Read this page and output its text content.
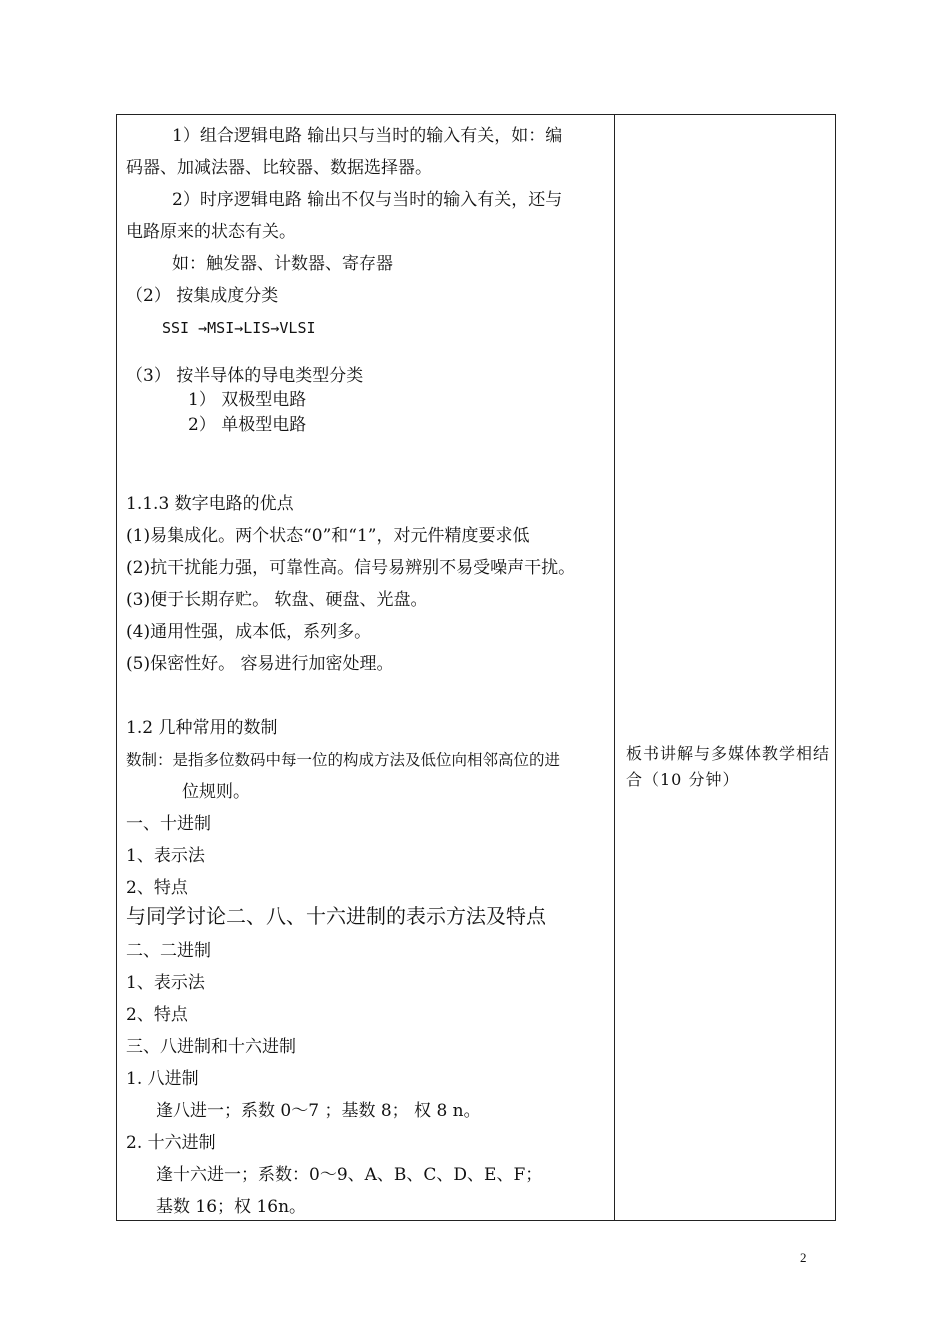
1）组合逻辑电路 输出只与当时的输入有关，如：编
码器、加减法器、比较器、数据选择器。
2）时序逻辑电路 输出不仅与当时的输入有关，还与
电路原来的状态有关。
如：触发器、计数器、寄存器
（2） 按集成度分类
SSI →MSI→LIS→VLSI
（3） 按半导体的导电类型分类
1） 双极型电路
2） 单极型电路
1.1.3 数字电路的优点
(1)易集成化。两个状态“0”和“1”，对元件精度要求低
(2)抗干扰能力强，可靠性高。信号易辨别不易受噪声干扰。
(3)便于长期存贮。 软盘、硬盘、光盘。
(4)通用性强，成本低，系列多。
(5)保密性好。 容易进行加密处理。
1.2 几种常用的数制
数制：是指多位数码中每一位的构成方法及低位向相邻高位的进
位规则。
一、十进制
1、表示法
2、特点
与同学讨论二、八、十六进制的表示方法及特点
二、二进制
1、表示法
2、特点
三、八进制和十六进制
1. 八进制
逢八进一；系数 0～7 ；基数 8； 权 8 n。
2. 十六进制
逢十六进一；系数：0～9、A、B、C、D、E、F；
基数 16；权 16n。
板书讲解与多媒体教学相结合（10 分钟）
2
